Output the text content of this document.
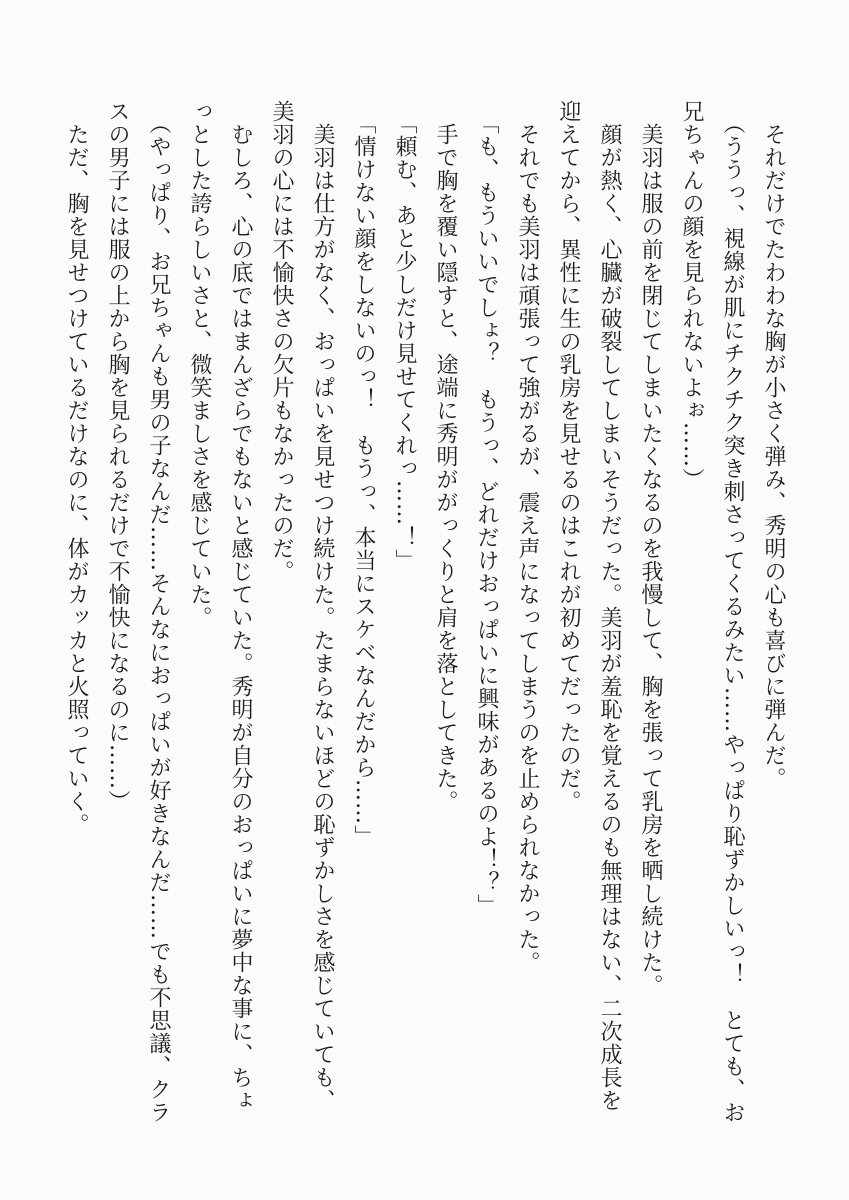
それだけでたわわな胸が小さく弾み、秀明の心も喜びに弾んだ。
（ううっ、視線が肌にチクチク突き刺さってくるみたい……やっぱり恥ずかしいっ！　とても、お
兄ちゃんの顔を見られないよぉ……）
美羽は服の前を閉じてしまいたくなるのを我慢して、胸を張って乳房を晒し続けた。
顔が熱く、心臓が破裂してしまいそうだった。美羽が羞恥を覚えるのも無理はない、二次成長を
迎えてから、異性に生の乳房を見せるのはこれが初めてだったのだ。
それでも美羽は頑張って強がるが、震え声になってしまうのを止められなかった。
「も、もういいでしょ？　もうっ、どれだけおっぱいに興味があるのよ！？」
手で胸を覆い隠すと、途端に秀明ががっくりと肩を落としてきた。
「頼む、あと少しだけ見せてくれっ……！」
「情けない顔をしないのっ！　もうっ、本当にスケベなんだから……」
美羽は仕方がなく、おっぱいを見せつけ続けた。たまらないほどの恥ずかしさを感じていても、
美羽の心には不愉快さの欠片もなかったのだ。
むしろ、心の底ではまんざらでもないと感じていた。秀明が自分のおっぱいに夢中な事に、ちょ
っとした誇らしいさと、微笑ましさを感じていた。
（やっぱり、お兄ちゃんも男の子なんだ……そんなにおっぱいが好きなんだ……でも不思議、クラ
スの男子には服の上から胸を見られるだけで不愉快になるのに……）
ただ、胸を見せつけているだけなのに、体がカッカと火照っていく。
